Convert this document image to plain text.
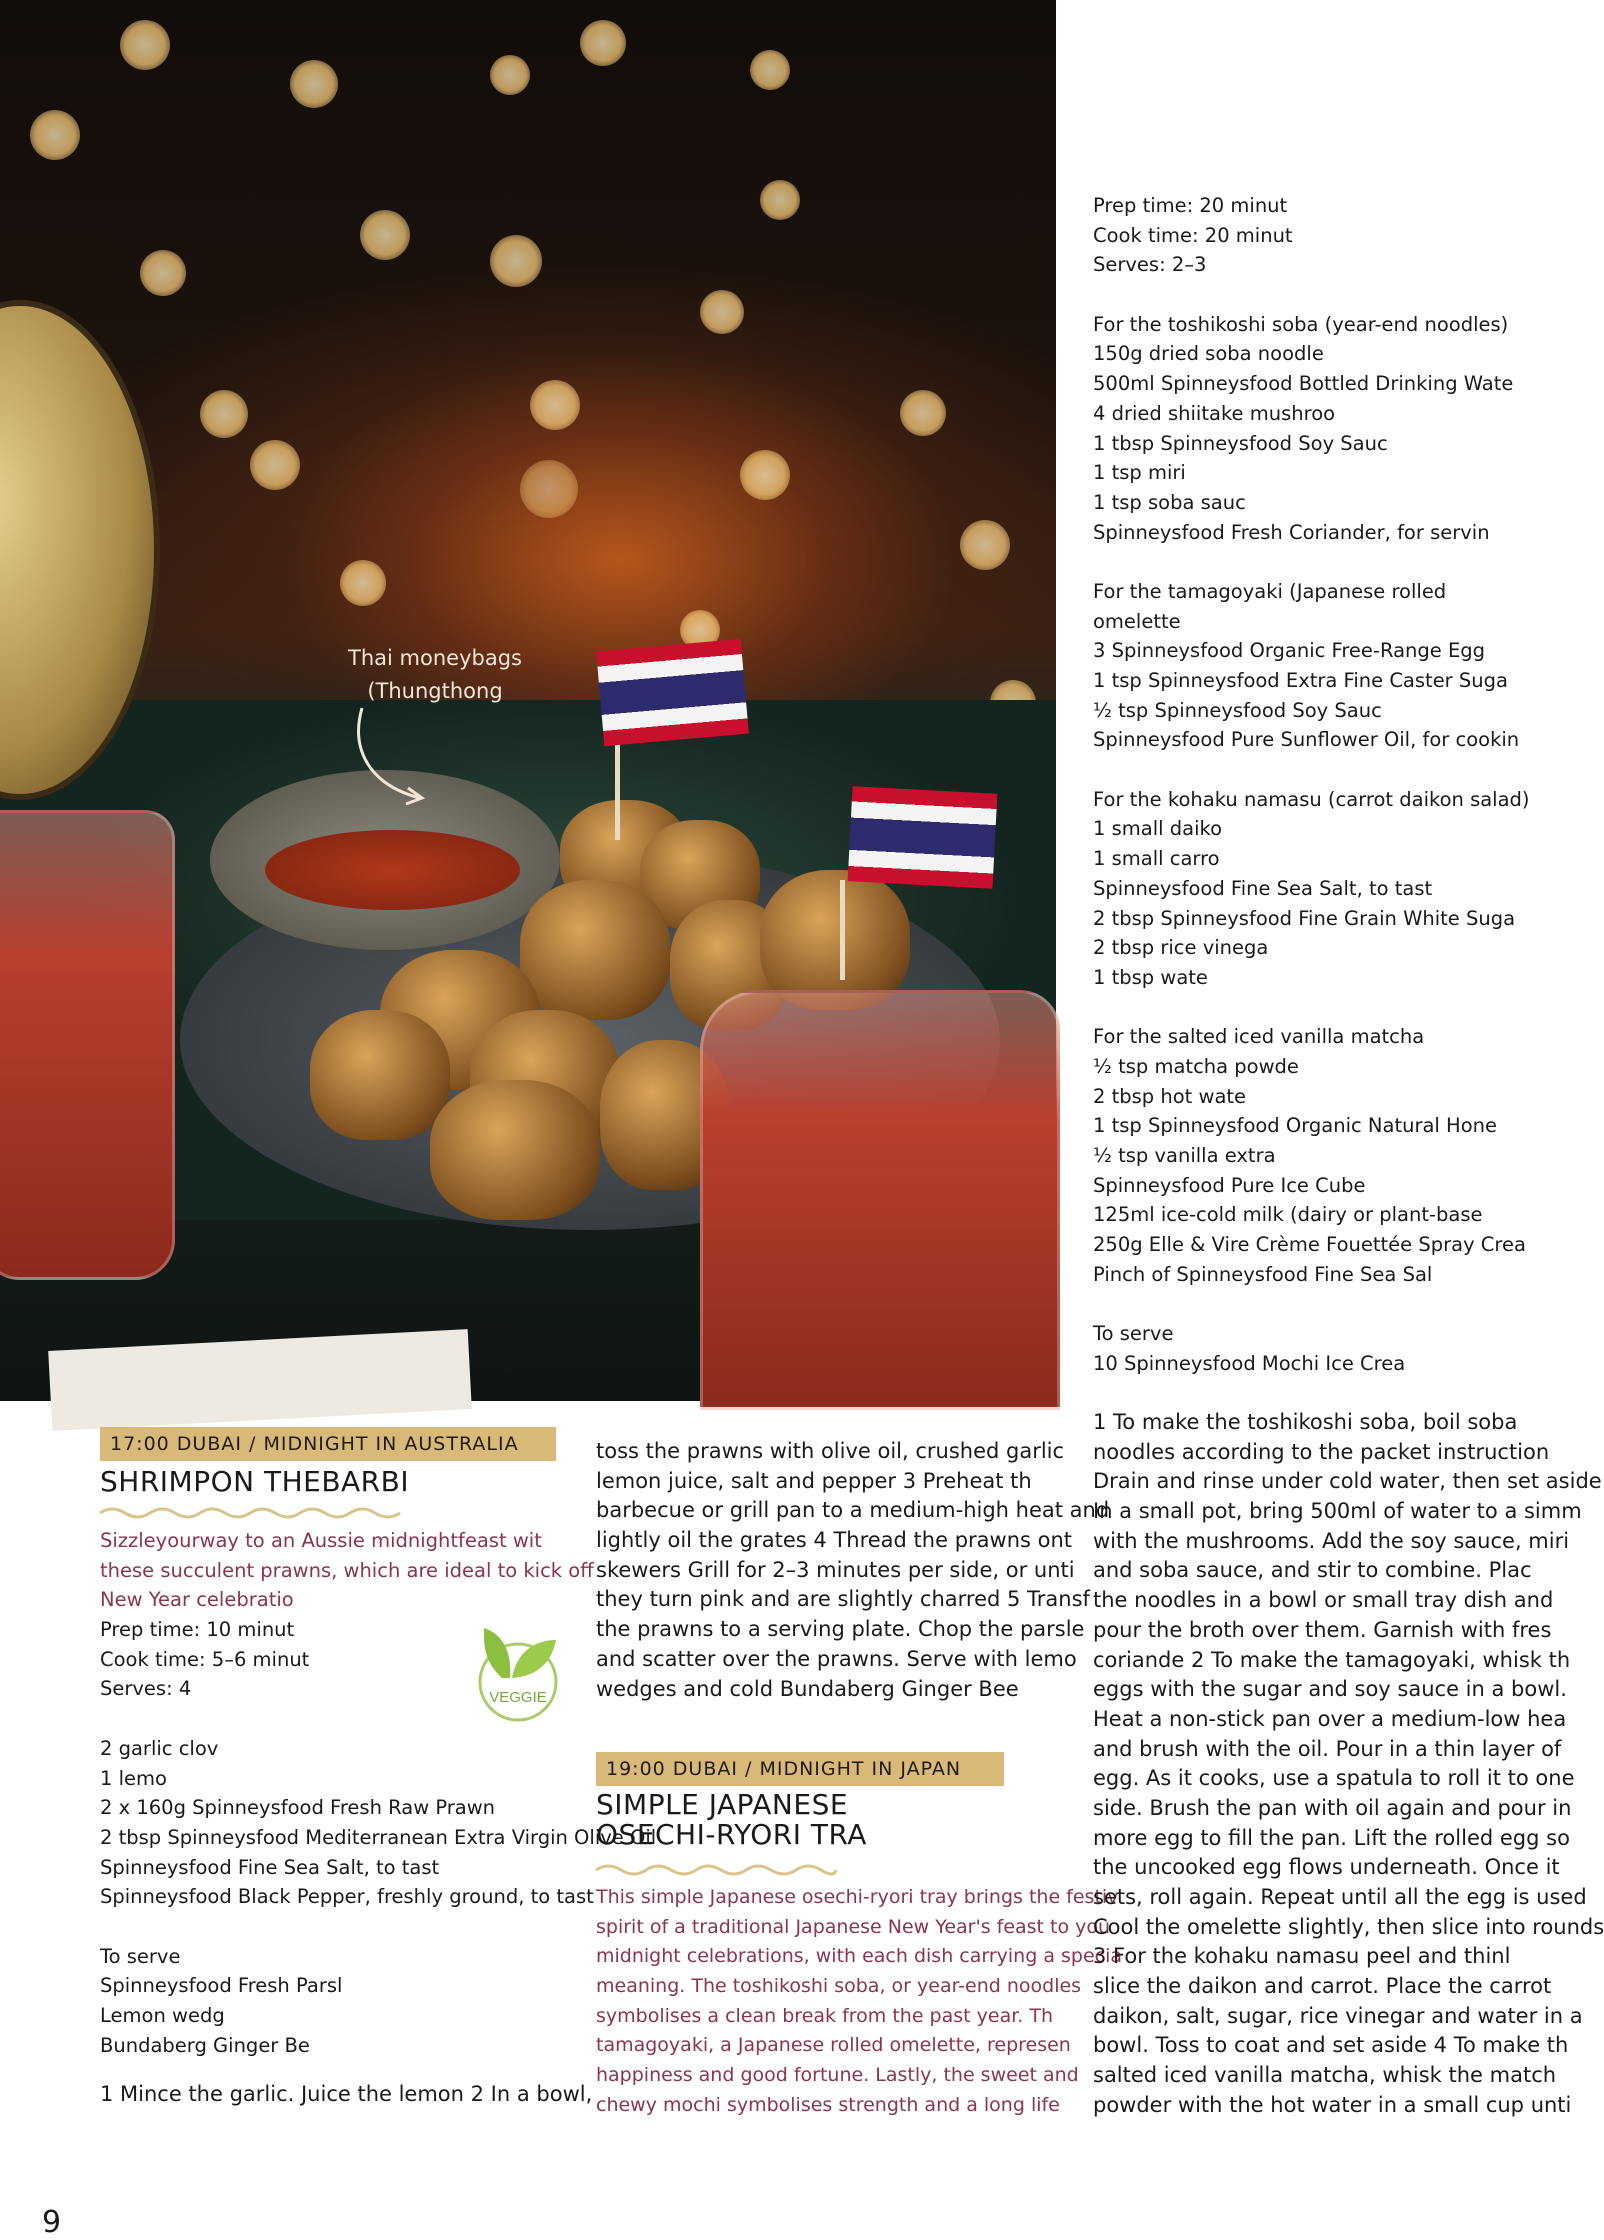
Thai moneybags
(Thungthong
17:00 DUBAI / MIDNIGHT IN AUSTRALIA
SHRIMPON THEBARBI
Sizzleyourway to an Aussie midnightfeast wit
these succulent prawns, which are ideal to kick off
New Year celebratio
Prep time: 10 minut
Cook time: 5–6 minut
Serves: 4
2 garlic clov
1 lemo
2 x 160g Spinneysfood Fresh Raw Prawn
2 tbsp Spinneysfood Mediterranean Extra Virgin Olive Oil
Spinneysfood Fine Sea Salt, to tast
Spinneysfood Black Pepper, freshly ground, to tast
To serve
Spinneysfood Fresh Parsl
Lemon wedg
Bundaberg Ginger Be
1 Mince the garlic. Juice the lemon 2 In a bowl,
VEGGIE
toss the prawns with olive oil, crushed garlic
lemon juice, salt and pepper 3 Preheat th
barbecue or grill pan to a medium-high heat and
lightly oil the grates 4 Thread the prawns ont
skewers Grill for 2–3 minutes per side, or unti
they turn pink and are slightly charred 5 Transf
the prawns to a serving plate. Chop the parsle
and scatter over the prawns. Serve with lemo
wedges and cold Bundaberg Ginger Bee
19:00 DUBAI / MIDNIGHT IN JAPAN
SIMPLE JAPANESE
OSECHI-RYORI TRA
This simple Japanese osechi-ryori tray brings the festiv
spirit of a traditional Japanese New Year's feast to you
midnight celebrations, with each dish carrying a specia
meaning. The toshikoshi soba, or year-end noodles
symbolises a clean break from the past year. Th
tamagoyaki, a Japanese rolled omelette, represen
happiness and good fortune. Lastly, the sweet and
chewy mochi symbolises strength and a long life
Prep time: 20 minut
Cook time: 20 minut
Serves: 2–3
For the toshikoshi soba (year-end noodles)
150g dried soba noodle
500ml Spinneysfood Bottled Drinking Wate
4 dried shiitake mushroo
1 tbsp Spinneysfood Soy Sauc
1 tsp miri
1 tsp soba sauc
Spinneysfood Fresh Coriander, for servin
For the tamagoyaki (Japanese rolled
omelette
3 Spinneysfood Organic Free-Range Egg
1 tsp Spinneysfood Extra Fine Caster Suga
½ tsp Spinneysfood Soy Sauc
Spinneysfood Pure Sunflower Oil, for cookin
For the kohaku namasu (carrot daikon salad)
1 small daiko
1 small carro
Spinneysfood Fine Sea Salt, to tast
2 tbsp Spinneysfood Fine Grain White Suga
2 tbsp rice vinega
1 tbsp wate
For the salted iced vanilla matcha
½ tsp matcha powde
2 tbsp hot wate
1 tsp Spinneysfood Organic Natural Hone
½ tsp vanilla extra
Spinneysfood Pure Ice Cube
125ml ice-cold milk (dairy or plant-base
250g Elle & Vire Crème Fouettée Spray Crea
Pinch of Spinneysfood Fine Sea Sal
To serve
10 Spinneysfood Mochi Ice Crea
1 To make the toshikoshi soba, boil soba
noodles according to the packet instruction
Drain and rinse under cold water, then set aside
In a small pot, bring 500ml of water to a simm
with the mushrooms. Add the soy sauce, miri
and soba sauce, and stir to combine. Plac
the noodles in a bowl or small tray dish and
pour the broth over them. Garnish with fres
coriande 2 To make the tamagoyaki, whisk th
eggs with the sugar and soy sauce in a bowl.
Heat a non-stick pan over a medium-low hea
and brush with the oil. Pour in a thin layer of
egg. As it cooks, use a spatula to roll it to one
side. Brush the pan with oil again and pour in
more egg to fill the pan. Lift the rolled egg so
the uncooked egg flows underneath. Once it
sets, roll again. Repeat until all the egg is used
Cool the omelette slightly, then slice into rounds
3 For the kohaku namasu peel and thinl
slice the daikon and carrot. Place the carrot
daikon, salt, sugar, rice vinegar and water in a
bowl. Toss to coat and set aside 4 To make th
salted iced vanilla matcha, whisk the match
powder with the hot water in a small cup unti
9
